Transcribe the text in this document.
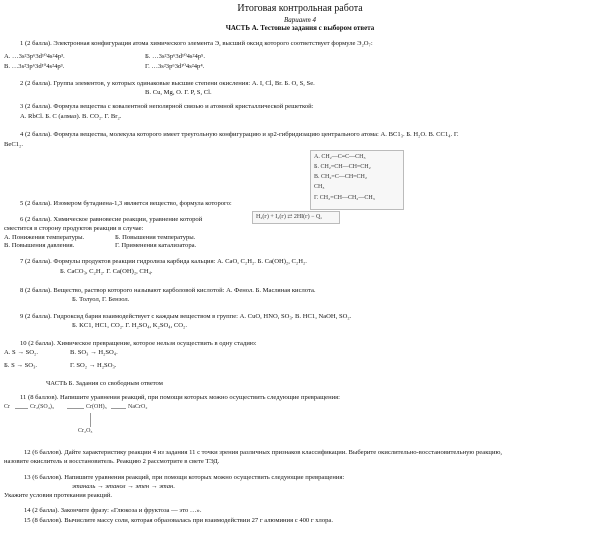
Итоговая контрольная работа
Вариант 4
ЧАСТЬ А. Тестовые задания с выбором ответа
1 (2 балла). Электронная конфигурация атома химического элемента Э, высший оксид которого соответствует формуле Э₂О₇:
А. …3s²3p⁶3d¹⁰4s²4p³.	Б. …3s²3p⁶3d¹⁰4s²4p⁵.
В. …3s²3p⁶3d¹⁰4s²4p³.	Г. …3s²3p⁶3d¹⁰4s²4p⁴.
2 (2 балла). Группа элементов, у которых одинаковые высшие степени окисления: А. I, Cl, Br. Б. О, S, Se.
В. Cu, Mg, O. Г. P, S, Cl.
3 (2 балла). Формула вещества с ковалентной неполярной связью и атомной кристаллической решеткой:
А. RbCl. Б. С (алмаз). В. CO₂. Г. Br₂.
4 (2 балла). Формула вещества, молекула которого имеет треугольную конфигурацию и sp2-гибридизацию центрального атома: А. ВС1₃. Б. Н₂О. В. СС1₄. Г.
ВеС1₂.
А. CH₂—C≡C—CH₃
Б. CH₂=CH—CH=CH₂
В. CH₂=C—CH=CH₂
CH₃
Г. CH₂=CH—CH₂—CH₃
5 (2 балла). Изомером бутадиена-1,3 является вещество, формула которого:
6 (2 балла). Химическое равновесие реакции, уравнение которой	H₂(г) + I₂(г) ⇄ 2HI(г) − Q,
сместится в сторону продуктов реакции в случае:
А. Понижения температуры.	Б. Повышения температуры.
В. Повышения давления.	Г. Применения катализатора.
7 (2 балла). Формулы продуктов реакции гидролиза карбида кальция: А. CaO, C₂H₂. Б. Ca(OH)₂, C₂H₂.
Б. CaCO₃, C₂H₂. Г. Ca(OH)₂, CH₄.
8 (2 балла). Вещество, раствор которого называют карболовой кислотой: А. Фенол. Б. Масляная кислота.
Б. Толуол, Г. Бензол.
9 (2 балла). Гидроксид бария взаимодействует с каждым веществом в группе: А. CuO, HNO, SO₃. В. HC1, NaOH, SO₂.
Б. KC1, HC1, CO₂. Г. H₂SO₄, K₂SO₄, CO₂.
10 (2 балла). Химическое превращение, которое нельзя осуществить в одну стадию:
A. S → SO₂.	В. SO₃ → H₂SO₄.
Б. S → SO₃.	Г. SO₂ → H₂SO₃.
ЧАСТЬ Б. Задания со свободным ответом
11 (8 баллов). Напишите уравнения реакций, при помощи которых можно осуществить следующие превращения:
Cr	Cr₂(SO₄)₃	Cr(OH)₃	NaCrO₂
Cr₂O₃
12 (6 баллов). Дайте характеристику реакции 4 из задания 11 с точки зрения различных признаков классификации. Выберите окислительно-восстановительную реакцию,
назовите окислитель и восстановитель. Реакцию 2 рассмотрите в свете ТЭД.
13 (6 баллов). Напишите уравнения реакций, при помощи которых можно осуществить следующие превращения:
этаналь → этанол → этен → этан.
Укажите условия протекания реакций.
14 (2 балла). Закончите фразу: «Глюкоза и фруктоза — это …».
15 (8 баллов). Вычислите массу соли, которая образовалась при взаимодействии 27 г алюминия с 400 г хлора.
